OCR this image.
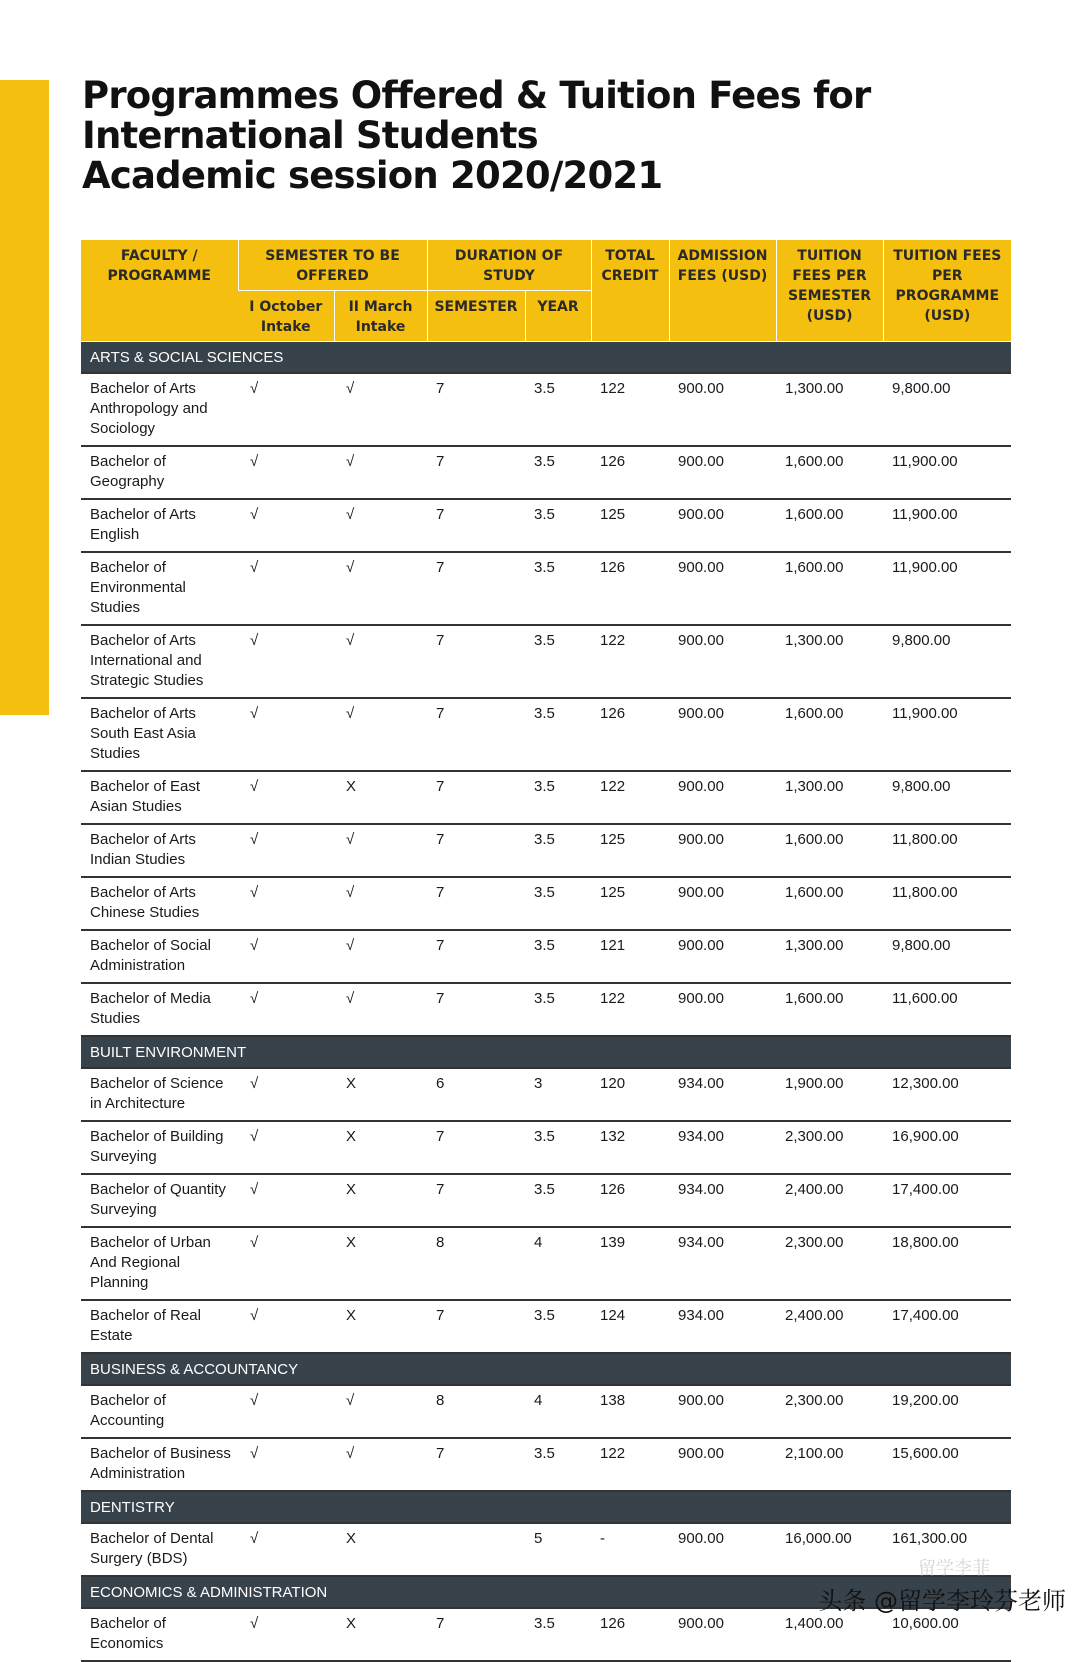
Programmes Offered & Tuition Fees for
International Students
Academic session 2020/2021
FACULTY / PROGRAMME	SEMESTER TO BE OFFERED		DURATION OF STUDY		TOTAL CREDIT	ADMISSION FEES (USD)	TUITION FEES PER SEMESTER (USD)	TUITION FEES PER PROGRAMME (USD)
	I October Intake	II March Intake	SEMESTER	YEAR				
ARTS & SOCIAL SCIENCES								
Bachelor of Arts Anthropology and Sociology	√	√	7	3.5	122	900.00	1,300.00	9,800.00
Bachelor of Geography	√	√	7	3.5	126	900.00	1,600.00	11,900.00
Bachelor of Arts English	√	√	7	3.5	125	900.00	1,600.00	11,900.00
Bachelor of Environmental Studies	√	√	7	3.5	126	900.00	1,600.00	11,900.00
Bachelor of Arts International and Strategic Studies	√	√	7	3.5	122	900.00	1,300.00	9,800.00
Bachelor of Arts South East Asia Studies	√	√	7	3.5	126	900.00	1,600.00	11,900.00
Bachelor of East Asian Studies	√	X	7	3.5	122	900.00	1,300.00	9,800.00
Bachelor of Arts Indian Studies	√	√	7	3.5	125	900.00	1,600.00	11,800.00
Bachelor of Arts Chinese Studies	√	√	7	3.5	125	900.00	1,600.00	11,800.00
Bachelor of Social Administration	√	√	7	3.5	121	900.00	1,300.00	9,800.00
Bachelor of Media Studies	√	√	7	3.5	122	900.00	1,600.00	11,600.00
BUILT ENVIRONMENT								
Bachelor of Science in Architecture	√	X	6	3	120	934.00	1,900.00	12,300.00
Bachelor of Building Surveying	√	X	7	3.5	132	934.00	2,300.00	16,900.00
Bachelor of Quantity Surveying	√	X	7	3.5	126	934.00	2,400.00	17,400.00
Bachelor of Urban And Regional Planning	√	X	8	4	139	934.00	2,300.00	18,800.00
Bachelor of Real Estate	√	X	7	3.5	124	934.00	2,400.00	17,400.00
BUSINESS & ACCOUNTANCY								
Bachelor of Accounting	√	√	8	4	138	900.00	2,300.00	19,200.00
Bachelor of Business Administration	√	√	7	3.5	122	900.00	2,100.00	15,600.00
DENTISTRY								
Bachelor of Dental Surgery (BDS)	√	X		5	-	900.00	16,000.00	161,300.00
ECONOMICS & ADMINISTRATION								
Bachelor of Economics	√	X	7	3.5	126	900.00	1,400.00	10,600.00
留学李菲
头条 @留学李玲芬老师
